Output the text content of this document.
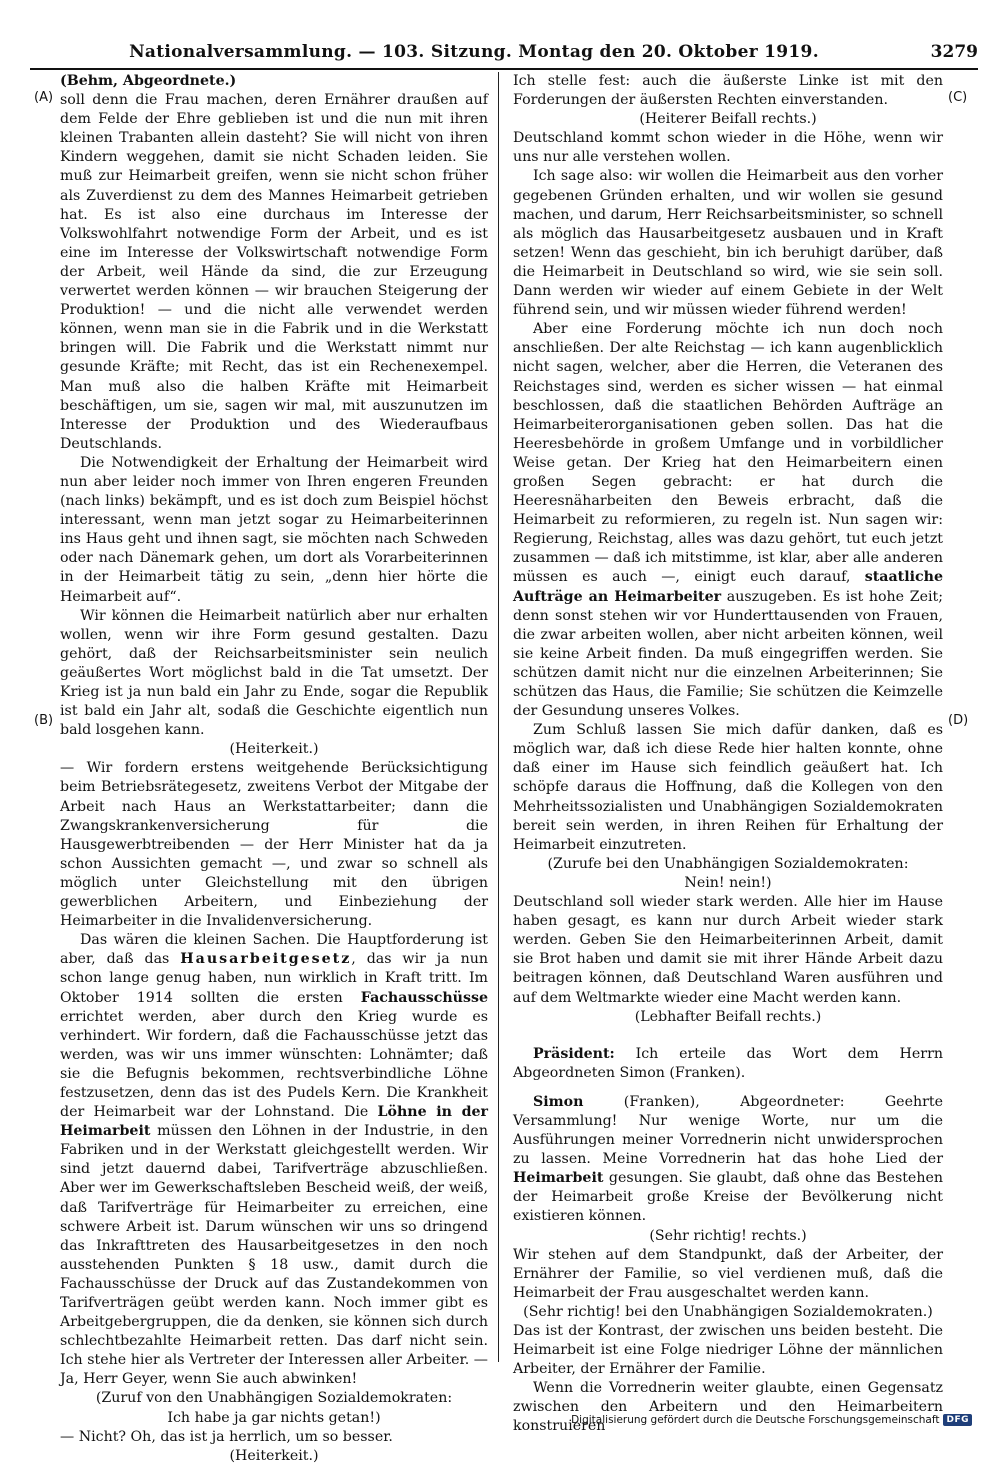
Nationalversammlung. — 103. Sitzung. Montag den 20. Oktober 1919.	3279
(A)
(B)
(C)
(D)

(Behm, Abgeordnete.)

soll denn die Frau machen, deren Ernährer draußen auf dem Felde der Ehre geblieben ist und die nun mit ihren kleinen Trabanten allein dasteht? Sie will nicht von ihren Kindern weggehen, damit sie nicht Schaden leiden. Sie muß zur Heimarbeit greifen, wenn sie nicht schon früher als Zuverdienst zu dem des Mannes Heimarbeit getrieben hat. Es ist also eine durchaus im Interesse der Volkswohlfahrt notwendige Form der Arbeit, und es ist eine im Interesse der Volkswirtschaft notwendige Form der Arbeit, weil Hände da sind, die zur Erzeugung verwertet werden können — wir brauchen Steigerung der Produktion! — und die nicht alle verwendet werden können, wenn man sie in die Fabrik und in die Werkstatt bringen will. Die Fabrik und die Werkstatt nimmt nur gesunde Kräfte; mit Recht, das ist ein Rechenexempel. Man muß also die halben Kräfte mit Heimarbeit beschäftigen, um sie, sagen wir mal, mit auszunutzen im Interesse der Produktion und des Wiederaufbaus Deutschlands.

Die Notwendigkeit der Erhaltung der Heimarbeit wird nun aber leider noch immer von Ihren engeren Freunden (nach links) bekämpft, und es ist doch zum Beispiel höchst interessant, wenn man jetzt sogar zu Heimarbeiterinnen ins Haus geht und ihnen sagt, sie möchten nach Schweden oder nach Dänemark gehen, um dort als Vorarbeiterinnen in der Heimarbeit tätig zu sein, „denn hier hörte die Heimarbeit auf“.

Wir können die Heimarbeit natürlich aber nur erhalten wollen, wenn wir ihre Form gesund gestalten. Dazu gehört, daß der Reichsarbeitsminister sein neulich geäußertes Wort möglichst bald in die Tat umsetzt. Der Krieg ist ja nun bald ein Jahr zu Ende, sogar die Republik ist bald ein Jahr alt, sodaß die Geschichte eigentlich nun bald losgehen kann.

(Heiterkeit.)

— Wir fordern erstens weitgehende Berücksichtigung beim Betriebsrätegesetz, zweitens Verbot der Mitgabe der Arbeit nach Haus an Werkstattarbeiter; dann die Zwangskrankenversicherung für die Hausgewerbtreibenden — der Herr Minister hat da ja schon Aussichten gemacht —, und zwar so schnell als möglich unter Gleichstellung mit den übrigen gewerblichen Arbeitern, und Einbeziehung der Heimarbeiter in die Invalidenversicherung.

Das wären die kleinen Sachen. Die Hauptforderung ist aber, daß das Hausarbeitgesetz, das wir ja nun schon lange genug haben, nun wirklich in Kraft tritt. Im Oktober 1914 sollten die ersten Fachausschüsse errichtet werden, aber durch den Krieg wurde es verhindert. Wir fordern, daß die Fachausschüsse jetzt das werden, was wir uns immer wünschten: Lohnämter; daß sie die Befugnis bekommen, rechtsverbindliche Löhne festzusetzen, denn das ist des Pudels Kern. Die Krankheit der Heimarbeit war der Lohnstand. Die Löhne in der Heimarbeit müssen den Löhnen in der Industrie, in den Fabriken und in der Werkstatt gleichgestellt werden. Wir sind jetzt dauernd dabei, Tarifverträge abzuschließen. Aber wer im Gewerkschaftsleben Bescheid weiß, der weiß, daß Tarifverträge für Heimarbeiter zu erreichen, eine schwere Arbeit ist. Darum wünschen wir uns so dringend das Inkrafttreten des Hausarbeitgesetzes in den noch ausstehenden Punkten § 18 usw., damit durch die Fachausschüsse der Druck auf das Zustandekommen von Tarifverträgen geübt werden kann. Noch immer gibt es Arbeitgebergruppen, die da denken, sie können sich durch schlechtbezahlte Heimarbeit retten. Das darf nicht sein. Ich stehe hier als Vertreter der Interessen aller Arbeiter. — Ja, Herr Geyer, wenn Sie auch abwinken!

(Zuruf von den Unabhängigen Sozialdemokraten:

Ich habe ja gar nichts getan!)

— Nicht? Oh, das ist ja herrlich, um so besser.

(Heiterkeit.)

Ich stelle fest: auch die äußerste Linke ist mit den Forderungen der äußersten Rechten einverstanden.

(Heiterer Beifall rechts.)

Deutschland kommt schon wieder in die Höhe, wenn wir uns nur alle verstehen wollen.

Ich sage also: wir wollen die Heimarbeit aus den vorher gegebenen Gründen erhalten, und wir wollen sie gesund machen, und darum, Herr Reichsarbeitsminister, so schnell als möglich das Hausarbeitgesetz ausbauen und in Kraft setzen! Wenn das geschieht, bin ich beruhigt darüber, daß die Heimarbeit in Deutschland so wird, wie sie sein soll. Dann werden wir wieder auf einem Gebiete in der Welt führend sein, und wir müssen wieder führend werden!

Aber eine Forderung möchte ich nun doch noch anschließen. Der alte Reichstag — ich kann augenblicklich nicht sagen, welcher, aber die Herren, die Veteranen des Reichstages sind, werden es sicher wissen — hat einmal beschlossen, daß die staatlichen Behörden Aufträge an Heimarbeiterorganisationen geben sollen. Das hat die Heeresbehörde in großem Umfange und in vorbildlicher Weise getan. Der Krieg hat den Heimarbeitern einen großen Segen gebracht: er hat durch die Heeresnäharbeiten den Beweis erbracht, daß die Heimarbeit zu reformieren, zu regeln ist. Nun sagen wir: Regierung, Reichstag, alles was dazu gehört, tut euch jetzt zusammen — daß ich mitstimme, ist klar, aber alle anderen müssen es auch —, einigt euch darauf, staatliche Aufträge an Heimarbeiter auszugeben. Es ist hohe Zeit; denn sonst stehen wir vor Hunderttausenden von Frauen, die zwar arbeiten wollen, aber nicht arbeiten können, weil sie keine Arbeit finden. Da muß eingegriffen werden. Sie schützen damit nicht nur die einzelnen Arbeiterinnen; Sie schützen das Haus, die Familie; Sie schützen die Keimzelle der Gesundung unseres Volkes.

Zum Schluß lassen Sie mich dafür danken, daß es möglich war, daß ich diese Rede hier halten konnte, ohne daß einer im Hause sich feindlich geäußert hat. Ich schöpfe daraus die Hoffnung, daß die Kollegen von den Mehrheitssozialisten und Unabhängigen Sozialdemokraten bereit sein werden, in ihren Reihen für Erhaltung der Heimarbeit einzutreten.

(Zurufe bei den Unabhängigen Sozialdemokraten:

Nein! nein!)

Deutschland soll wieder stark werden. Alle hier im Hause haben gesagt, es kann nur durch Arbeit wieder stark werden. Geben Sie den Heimarbeiterinnen Arbeit, damit sie Brot haben und damit sie mit ihrer Hände Arbeit dazu beitragen können, daß Deutschland Waren ausführen und auf dem Weltmarkte wieder eine Macht werden kann.

(Lebhafter Beifall rechts.)

Präsident: Ich erteile das Wort dem Herrn Abgeordneten Simon (Franken).

Simon (Franken), Abgeordneter: Geehrte Versammlung! Nur wenige Worte, nur um die Ausführungen meiner Vorrednerin nicht unwidersprochen zu lassen. Meine Vorrednerin hat das hohe Lied der Heimarbeit gesungen. Sie glaubt, daß ohne das Bestehen der Heimarbeit große Kreise der Bevölkerung nicht existieren können.

(Sehr richtig! rechts.)

Wir stehen auf dem Standpunkt, daß der Arbeiter, der Ernährer der Familie, so viel verdienen muß, daß die Heimarbeit der Frau ausgeschaltet werden kann.

(Sehr richtig! bei den Unabhängigen Sozialdemokraten.)

Das ist der Kontrast, der zwischen uns beiden besteht. Die Heimarbeit ist eine Folge niedriger Löhne der männlichen Arbeiter, der Ernährer der Familie.

Wenn die Vorrednerin weiter glaubte, einen Gegensatz zwischen den Arbeitern und den Heimarbeitern konstruieren

Digitalisierung gefördert durch die Deutsche Forschungsgemeinschaft DFG
